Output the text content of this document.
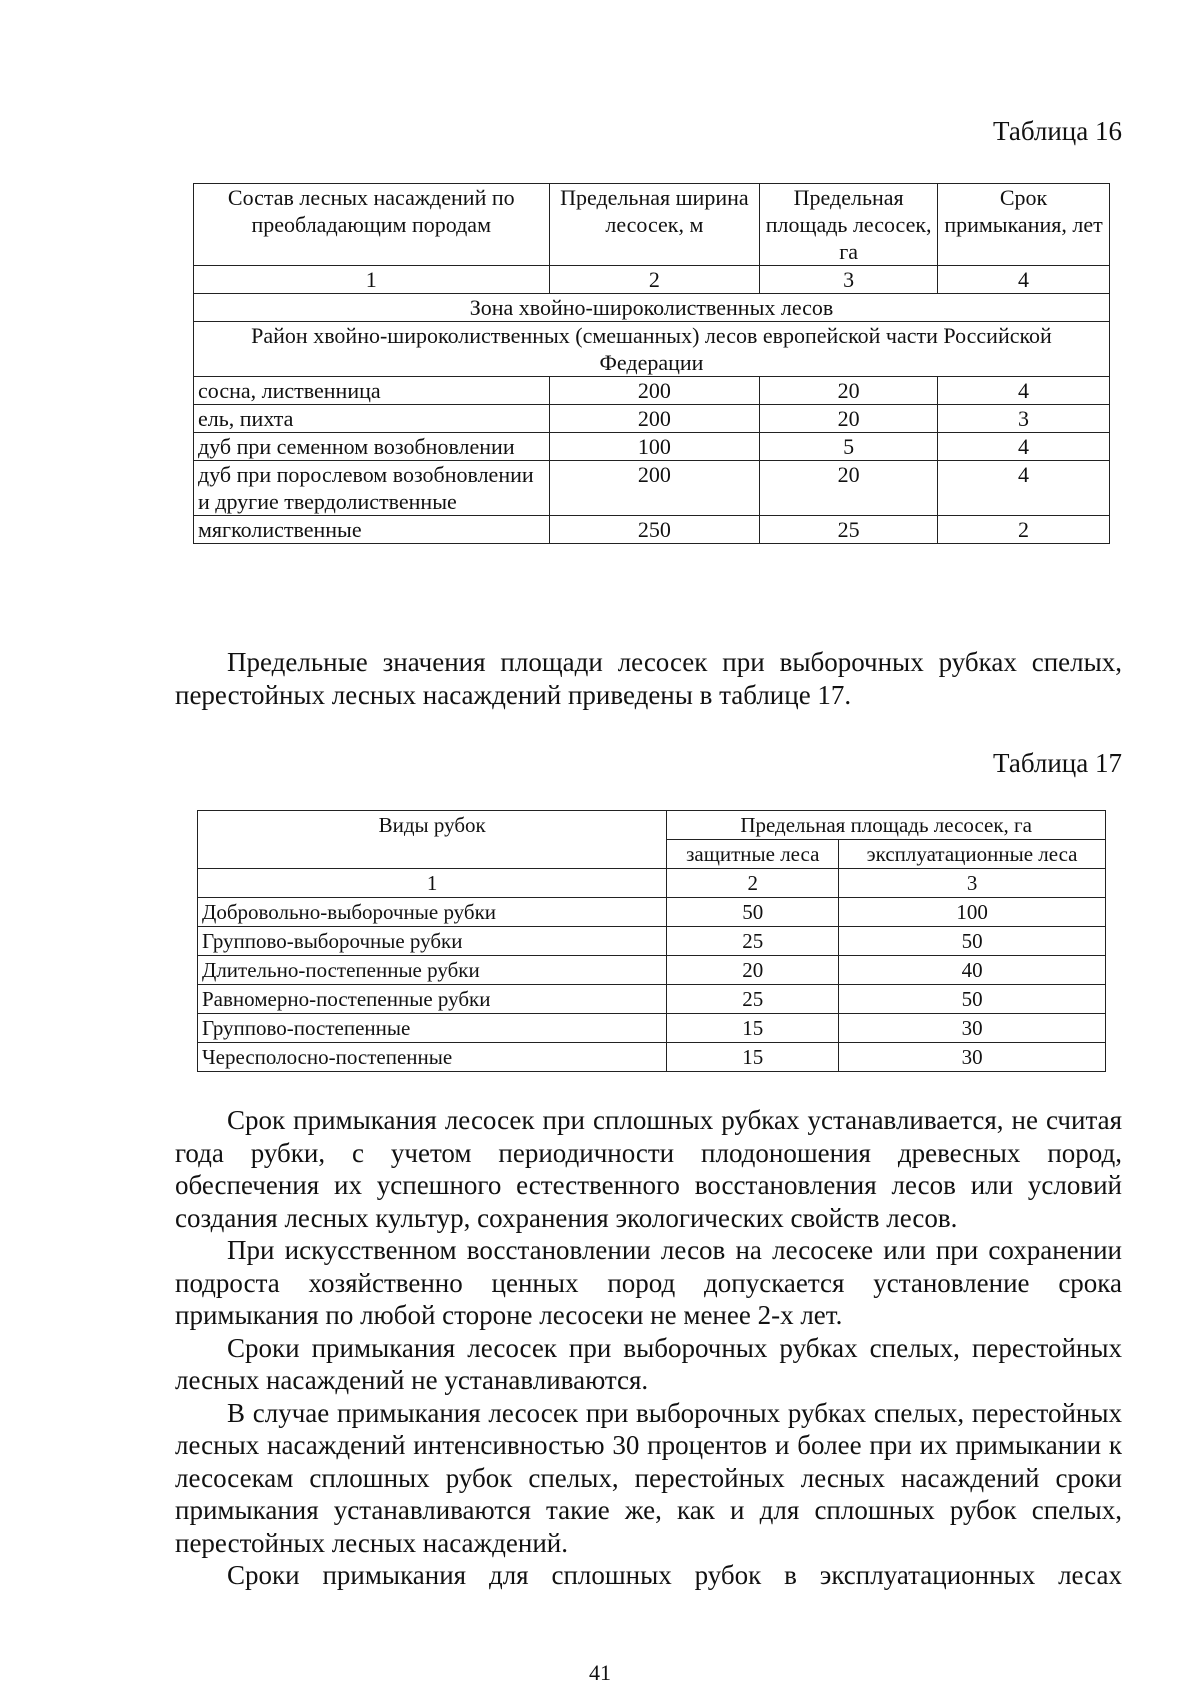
Таблица 16
Состав лесных насаждений по преобладающим породам	Предельная ширина лесосек, м	Предельная площадь лесосек, га	Срок примыкания, лет
1	2	3	4
Зона хвойно-широколиственных лесов			
Район хвойно-широколиственных (смешанных) лесов европейской части Российской Федерации			
сосна, лиственница	200	20	4
ель, пихта	200	20	3
дуб при семенном возобновлении	100	5	4
дуб при порослевом возобновлении и другие твердолиственные	200	20	4
мягколиственные	250	25	2

Предельные значения площади лесосек при выборочных рубках спелых, перестойных лесных насаждений приведены в таблице 17.

Таблица 17
Виды рубок	Предельная площадь лесосек, га	
	защитные леса	эксплуатационные леса
1	2	3
Добровольно-выборочные рубки	50	100
Группово-выборочные рубки	25	50
Длительно-постепенные рубки	20	40
Равномерно-постепенные рубки	25	50
Группово-постепенные	15	30
Чересполосно-постепенные	15	30

Срок примыкания лесосек при сплошных рубках устанавливается, не считая года рубки, с учетом периодичности плодоношения древесных пород, обеспечения их успешного естественного восстановления лесов или условий создания лесных культур, сохранения экологических свойств лесов.

При искусственном восстановлении лесов на лесосеке или при сохранении подроста хозяйственно ценных пород допускается установление срока примыкания по любой стороне лесосеки не менее 2-х лет.

Сроки примыкания лесосек при выборочных рубках спелых, перестойных лесных насаждений не устанавливаются.

В случае примыкания лесосек при выборочных рубках спелых, перестойных лесных насаждений интенсивностью 30 процентов и более при их примыкании к лесосекам сплошных рубок спелых, перестойных лесных насаждений сроки примыкания устанавливаются такие же, как и для сплошных рубок спелых, перестойных лесных насаждений.

Сроки примыкания для сплошных рубок в эксплуатационных лесах

41
